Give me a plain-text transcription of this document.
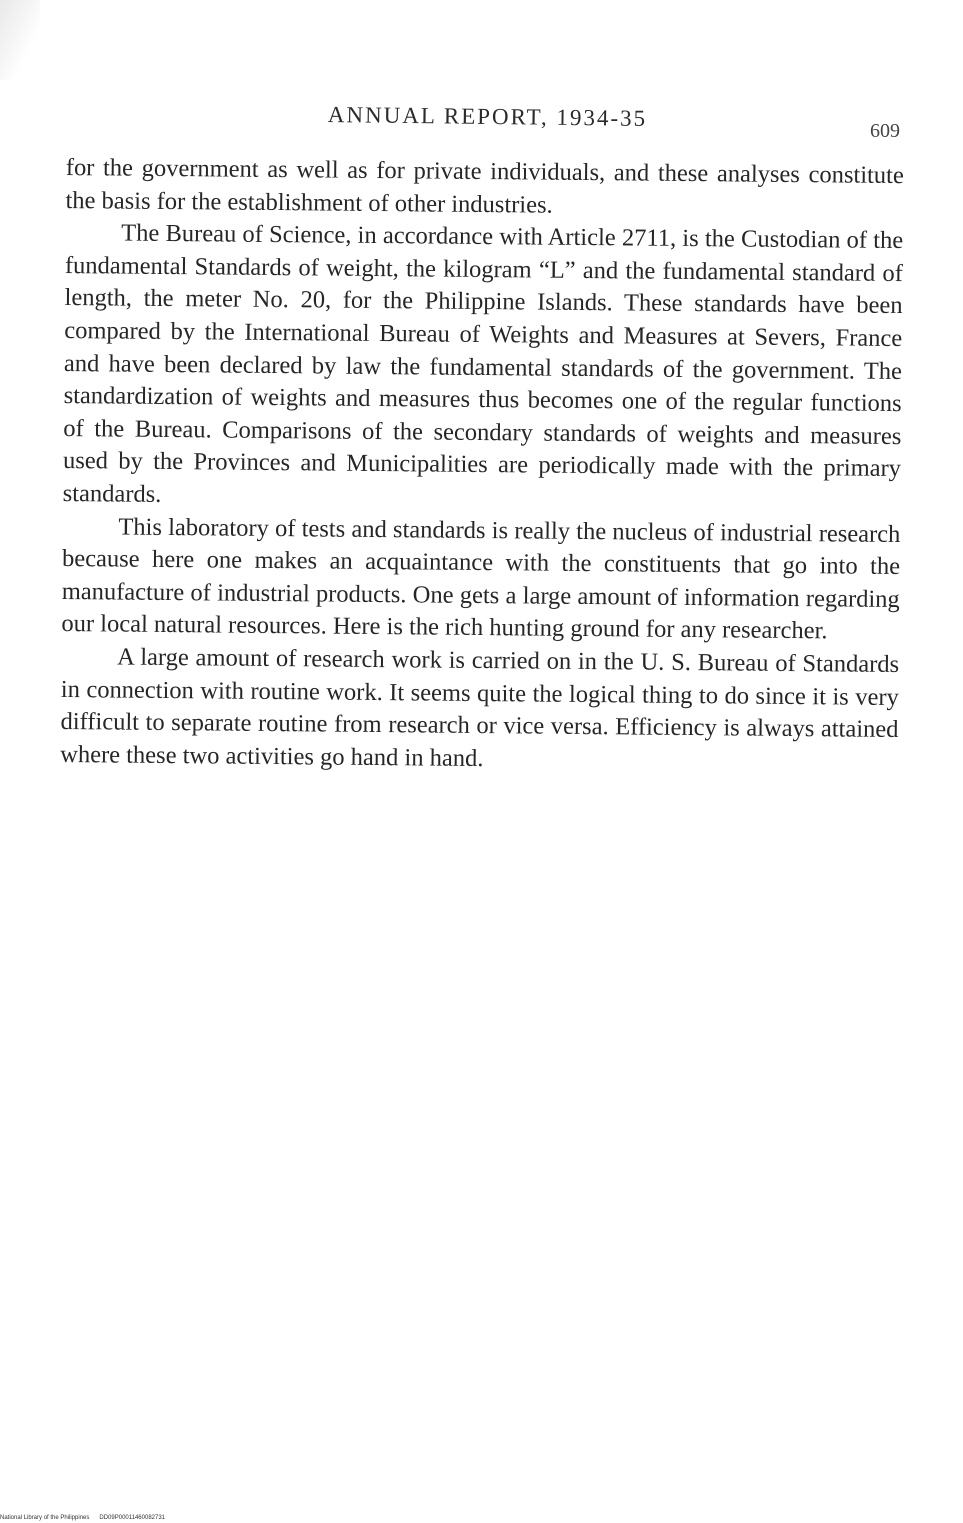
ANNUAL REPORT, 1934-35
609

for the government as well as for private individuals, and these analyses constitute the basis for the establishment of other industries.

The Bureau of Science, in accordance with Article 2711, is the Custodian of the fundamental Standards of weight, the kilogram “L” and the fundamental standard of length, the meter No. 20, for the Philippine Islands. These standards have been compared by the International Bureau of Weights and Measures at Severs, France and have been declared by law the fundamental standards of the government. The standardization of weights and measures thus becomes one of the regular functions of the Bureau. Comparisons of the secondary standards of weights and measures used by the Provinces and Municipalities are periodically made with the primary standards.

This laboratory of tests and standards is really the nucleus of industrial research because here one makes an acquaintance with the constituents that go into the manufacture of industrial products. One gets a large amount of information regarding our local natural resources. Here is the rich hunting ground for any researcher.

A large amount of research work is carried on in the U. S. Bureau of Standards in connection with routine work. It seems quite the logical thing to do since it is very difficult to separate routine from research or vice versa. Efficiency is always attained where these two activities go hand in hand.

National Library of the Philippines DD09P00011460082731
